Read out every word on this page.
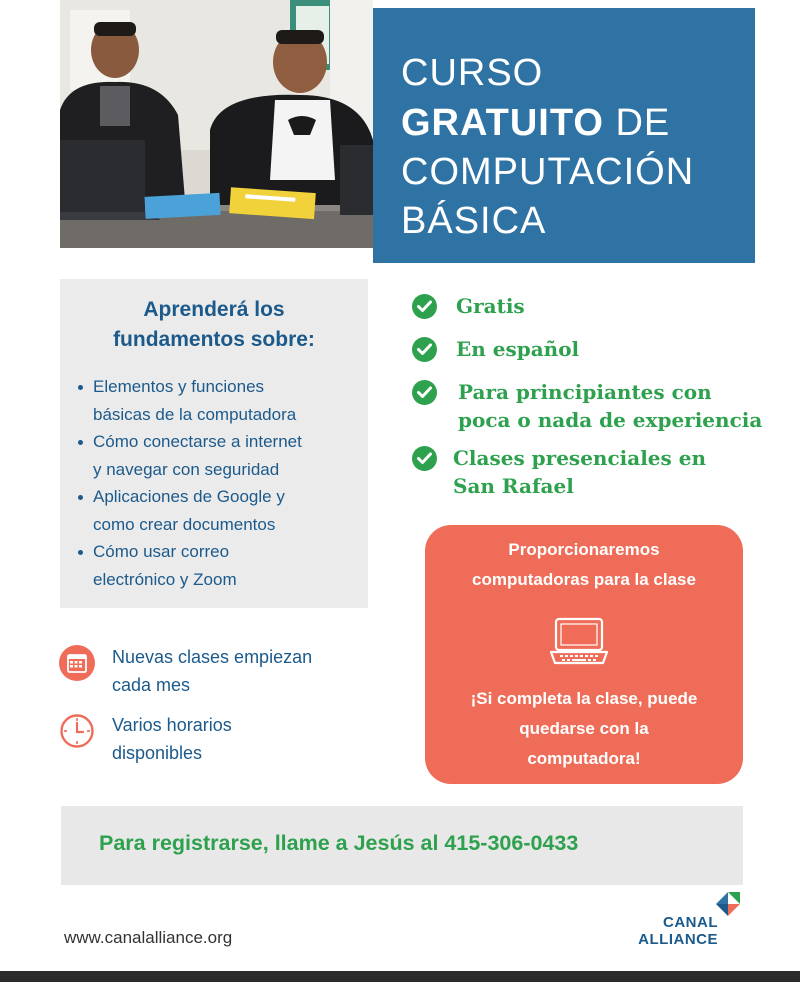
CURSO
GRATUITO DE
COMPUTACIÓN
BÁSICA
Aprenderá los
fundamentos sobre:
Elementos y funciones
básicas de la computadora
Cómo conectarse a internet
y navegar con seguridad
Aplicaciones de Google y
como crear documentos
Cómo usar correo
electrónico y Zoom
Gratis
En español
Para principiantes con
poca o nada de experiencia
Clases presenciales en
San Rafael
Proporcionaremos
computadoras para la clase
¡Si completa la clase, puede
quedarse con la
computadora!
Nuevas clases empiezan
cada mes
Varios horarios
disponibles
Para registrarse, llame a Jesús al 415-306-0433
www.canalalliance.org
CANAL
ALLIANCE
